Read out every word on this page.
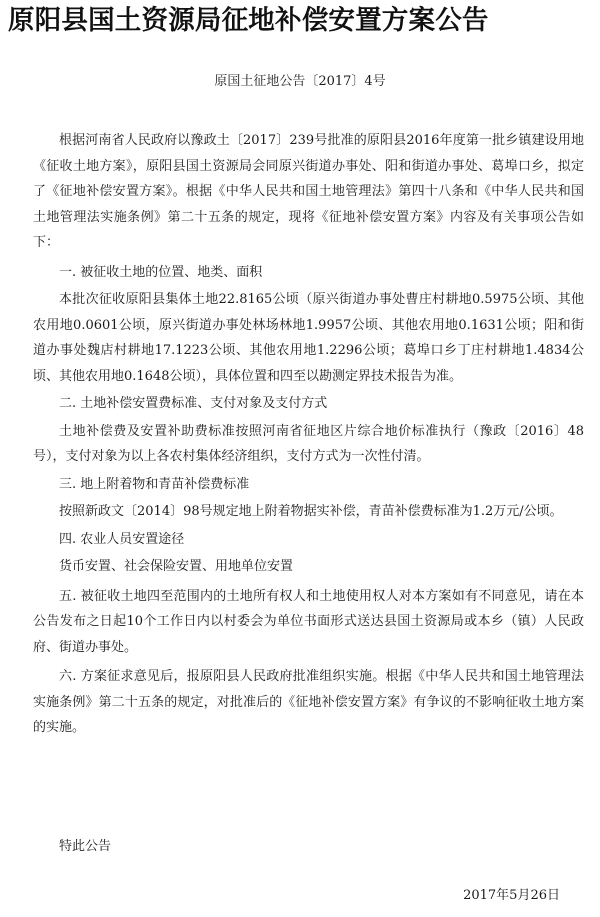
原阳县国土资源局征地补偿安置方案公告
原国土征地公告〔2017〕4号

根据河南省人民政府以豫政土〔2017〕239号批准的原阳县2016年度第一批乡镇建设用地《征收土地方案》，原阳县国土资源局会同原兴街道办事处、阳和街道办事处、葛埠口乡，拟定了《征地补偿安置方案》。根据《中华人民共和国土地管理法》第四十八条和《中华人民共和国土地管理法实施条例》第二十五条的规定，现将《征地补偿安置方案》内容及有关事项公告如下：

一. 被征收土地的位置、地类、面积

本批次征收原阳县集体土地22.8165公顷（原兴街道办事处曹庄村耕地0.5975公顷、其他农用地0.0601公顷，原兴街道办事处林场林地1.9957公顷、其他农用地0.1631公顷；阳和街道办事处魏店村耕地17.1223公顷、其他农用地1.2296公顷；葛埠口乡丁庄村耕地1.4834公顷、其他农用地0.1648公顷），具体位置和四至以勘测定界技术报告为准。

二. 土地补偿安置费标准、支付对象及支付方式

土地补偿费及安置补助费标准按照河南省征地区片综合地价标准执行（豫政〔2016〕48号），支付对象为以上各农村集体经济组织，支付方式为一次性付清。

三. 地上附着物和青苗补偿费标准

按照新政文〔2014〕98号规定地上附着物据实补偿，青苗补偿费标准为1.2万元/公顷。

四. 农业人员安置途径

货币安置、社会保险安置、用地单位安置

五. 被征收土地四至范围内的土地所有权人和土地使用权人对本方案如有不同意见，请在本公告发布之日起10个工作日内以村委会为单位书面形式送达县国土资源局或本乡（镇）人民政府、街道办事处。

六. 方案征求意见后，报原阳县人民政府批准组织实施。根据《中华人民共和国土地管理法实施条例》第二十五条的规定，对批准后的《征地补偿安置方案》有争议的不影响征收土地方案的实施。

特此公告
2017年5月26日
